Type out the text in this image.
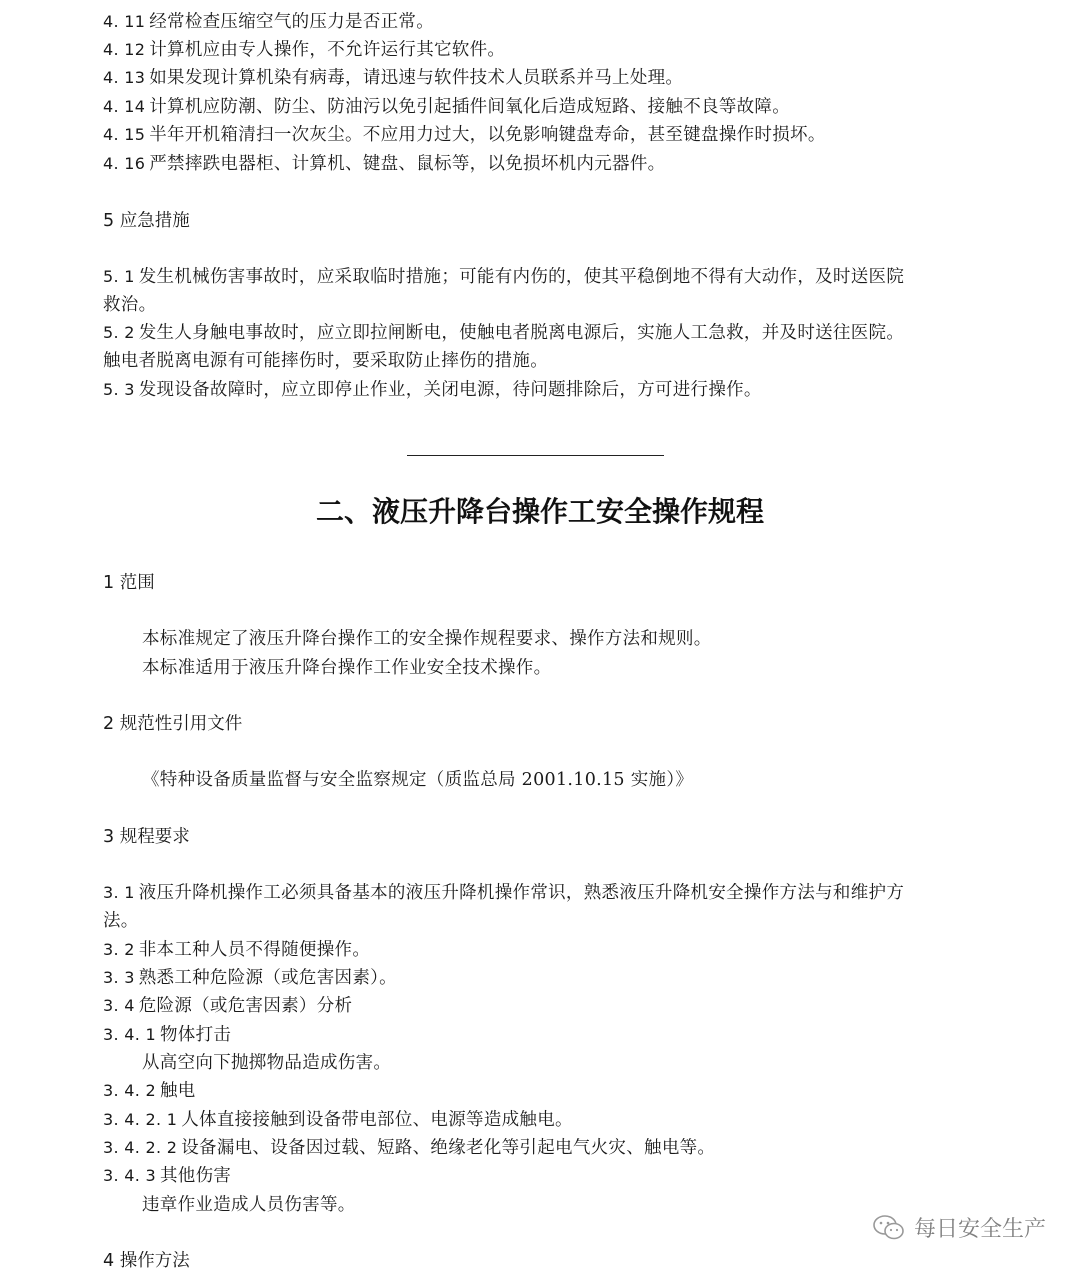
4. 11 经常检查压缩空气的压力是否正常。
4. 12 计算机应由专人操作，不允许运行其它软件。
4. 13 如果发现计算机染有病毒，请迅速与软件技术人员联系并马上处理。
4. 14 计算机应防潮、防尘、防油污以免引起插件间氧化后造成短路、接触不良等故障。
4. 15 半年开机箱清扫一次灰尘。不应用力过大，以免影响键盘寿命，甚至键盘操作时损坏。
4. 16 严禁摔跌电器柜、计算机、键盘、鼠标等，以免损坏机内元器件。
5 应急措施
5. 1 发生机械伤害事故时，应采取临时措施；可能有内伤的，使其平稳倒地不得有大动作，及时送医院
救治。
5. 2 发生人身触电事故时，应立即拉闸断电，使触电者脱离电源后，实施人工急救，并及时送往医院。
触电者脱离电源有可能摔伤时，要采取防止摔伤的措施。
5. 3 发现设备故障时，应立即停止作业，关闭电源，待问题排除后，方可进行操作。
二、液压升降台操作工安全操作规程
1 范围
本标准规定了液压升降台操作工的安全操作规程要求、操作方法和规则。
本标准适用于液压升降台操作工作业安全技术操作。
2 规范性引用文件
《特种设备质量监督与安全监察规定（质监总局 2001.10.15 实施）》
3 规程要求
3. 1 液压升降机操作工必须具备基本的液压升降机操作常识，熟悉液压升降机安全操作方法与和维护方
法。
3. 2 非本工种人员不得随便操作。
3. 3 熟悉工种危险源（或危害因素）。
3. 4 危险源（或危害因素）分析
3. 4. 1 物体打击
从高空向下抛掷物品造成伤害。
3. 4. 2 触电
3. 4. 2. 1 人体直接接触到设备带电部位、电源等造成触电。
3. 4. 2. 2 设备漏电、设备因过载、短路、绝缘老化等引起电气火灾、触电等。
3. 4. 3 其他伤害
违章作业造成人员伤害等。
4 操作方法
每日安全生产
